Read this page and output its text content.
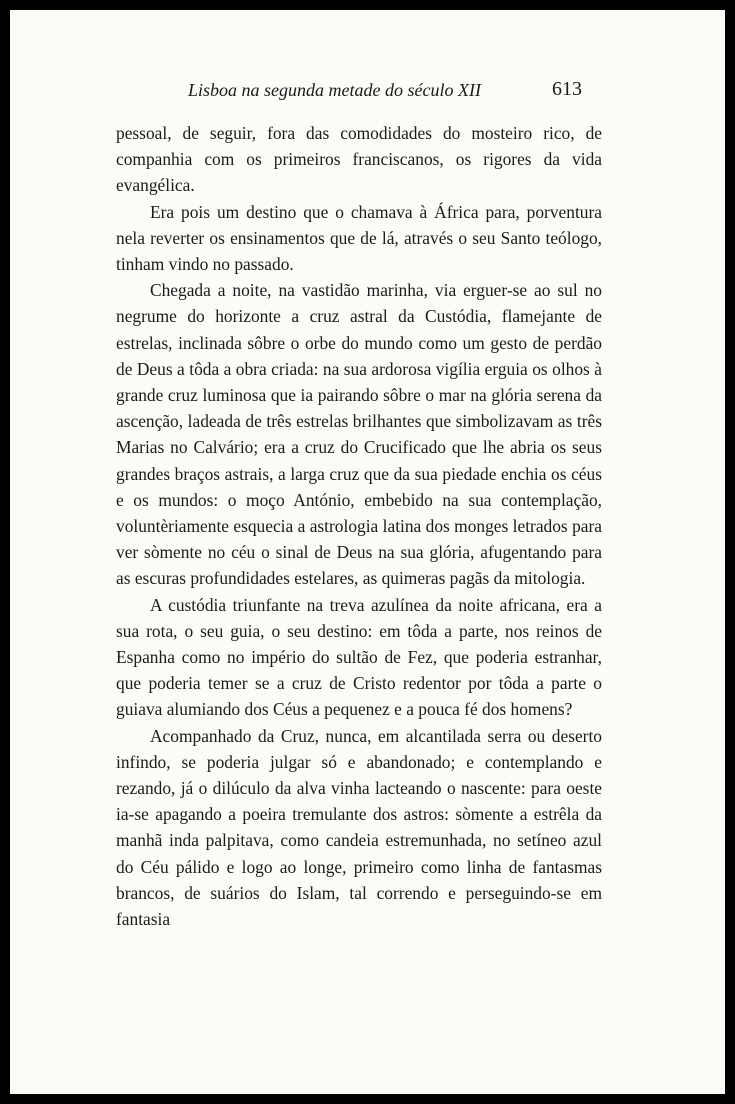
Lisboa na segunda metade do século XII	613

pessoal, de seguir, fora das comodidades do mosteiro rico, de companhia com os primeiros franciscanos, os rigores da vida evangélica.

Era pois um destino que o chamava à África para, porventura nela reverter os ensinamentos que de lá, através o seu Santo teólogo, tinham vindo no passado.

Chegada a noite, na vastidão marinha, via erguer-se ao sul no negrume do horizonte a cruz astral da Custódia, flamejante de estrelas, inclinada sôbre o orbe do mundo como um gesto de perdão de Deus a tôda a obra criada: na sua ardorosa vigília erguia os olhos à grande cruz luminosa que ia pairando sôbre o mar na glória serena da ascenção, ladeada de três estrelas brilhantes que simbolizavam as três Marias no Calvário; era a cruz do Crucificado que lhe abria os seus grandes braços astrais, a larga cruz que da sua piedade enchia os céus e os mundos: o moço António, embebido na sua contemplação, voluntèriamente esquecia a astrologia latina dos monges letrados para ver sòmente no céu o sinal de Deus na sua glória, afugentando para as escuras profundidades estelares, as quimeras pagãs da mitologia.

A custódia triunfante na treva azulínea da noite africana, era a sua rota, o seu guia, o seu destino: em tôda a parte, nos reinos de Espanha como no império do sultão de Fez, que poderia estranhar, que poderia temer se a cruz de Cristo redentor por tôda a parte o guiava alumiando dos Céus a pequenez e a pouca fé dos homens?

Acompanhado da Cruz, nunca, em alcantilada serra ou deserto infindo, se poderia julgar só e abandonado; e contemplando e rezando, já o dilúculo da alva vinha lacteando o nascente: para oeste ia-se apagando a poeira tremulante dos astros: sòmente a estrêla da manhã inda palpitava, como candeia estremunhada, no setíneo azul do Céu pálido e logo ao longe, primeiro como linha de fantasmas brancos, de suários do Islam, tal correndo e perseguindo-se em fantasia
